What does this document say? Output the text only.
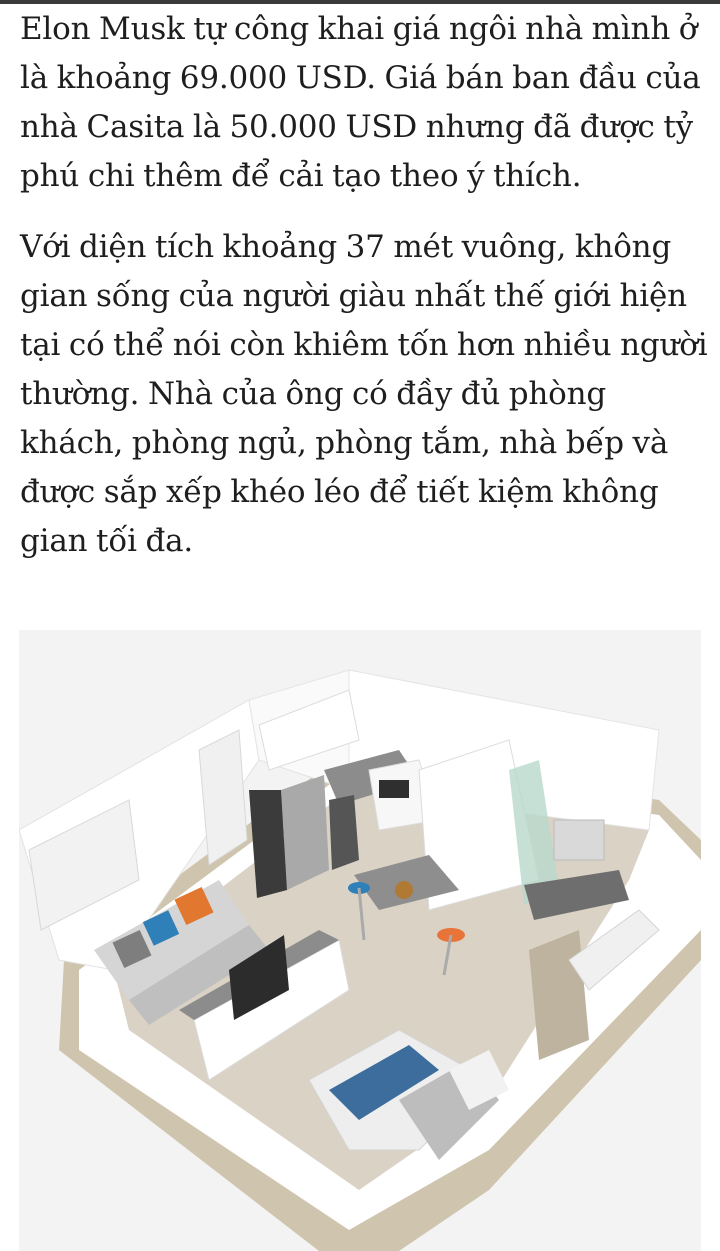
Elon Musk tự công khai giá ngôi nhà mình ở là khoảng 69.000 USD. Giá bán ban đầu của nhà Casita là 50.000 USD nhưng đã được tỷ phú chi thêm để cải tạo theo ý thích.

Với diện tích khoảng 37 mét vuông, không gian sống của người giàu nhất thế giới hiện tại có thể nói còn khiêm tốn hơn nhiều người thường. Nhà của ông có đầy đủ phòng khách, phòng ngủ, phòng tắm, nhà bếp và được sắp xếp khéo léo để tiết kiệm không gian tối đa.
